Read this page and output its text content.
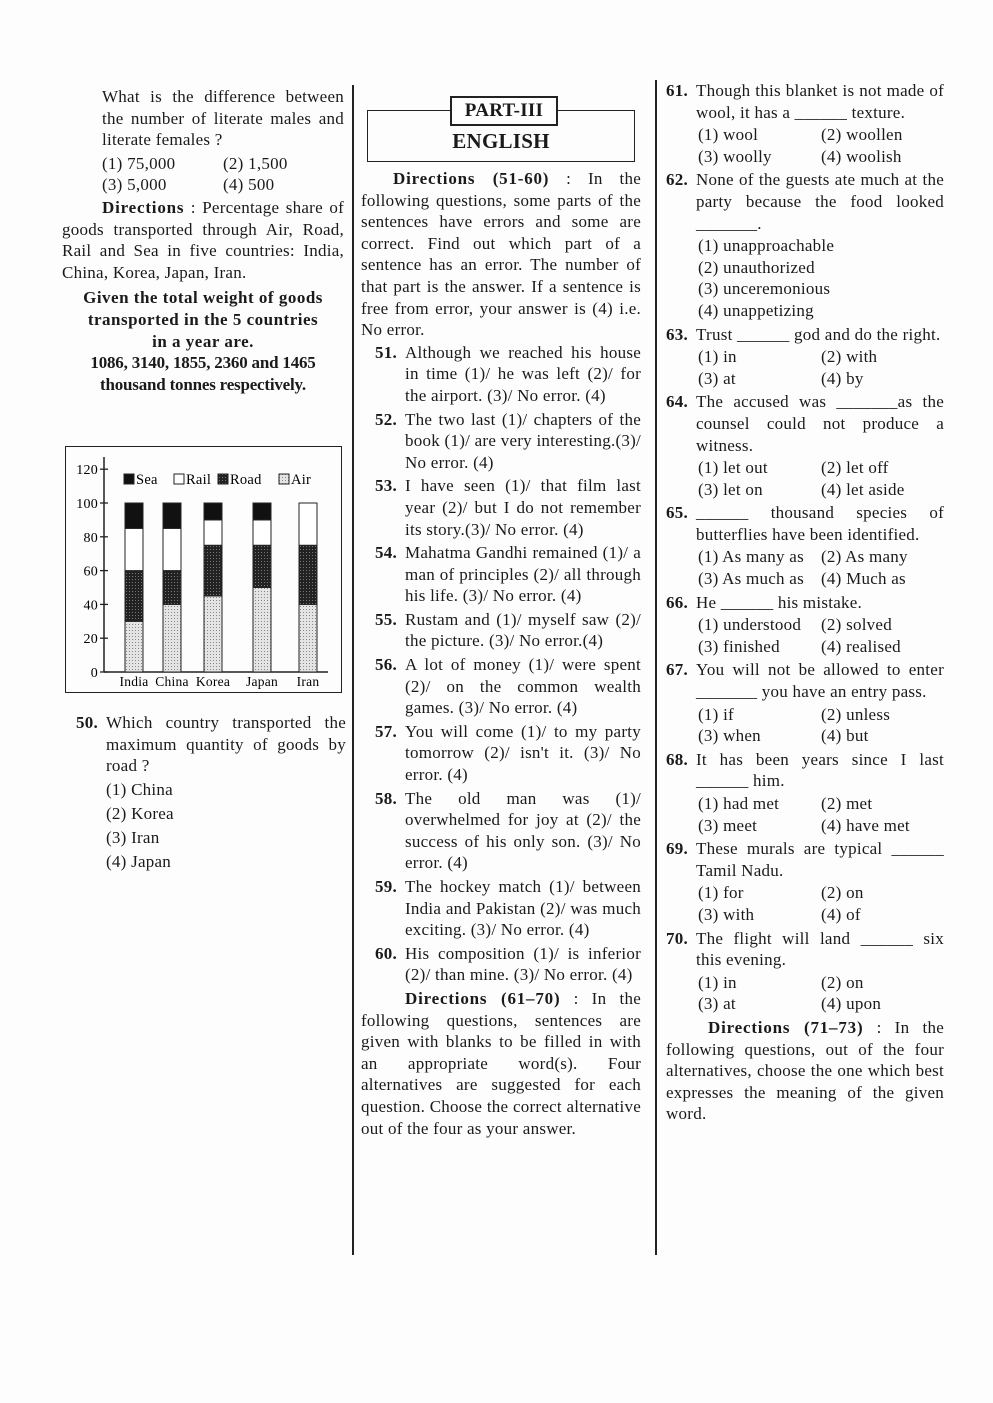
What is the difference between the number of literate males and literate females ?

(1) 75,000	(2) 1,500
(3) 5,000	(4) 500

Directions : Percentage share of goods transported through Air, Road, Rail and Sea in five countries: India, China, Korea, Japan, Iran.

Given the total weight of goods transported in the 5 countries in a year are.

1086, 3140, 1855, 2360 and 1465 thousand tonnes respectively.

0
20
40
60
80
100
120
India China Korea Japan Iran
Sea Rail Road Air
50. Which country transported the maximum quantity of goods by road ?

(1) China
(2) Korea
(3) Iran
(4) Japan
PART-III
ENGLISH

Directions (51-60) : In the following questions, some parts of the sentences have errors and some are correct. Find out which part of a sentence has an error. The number of that part is the answer. If a sentence is free from error, your answer is (4) i.e. No error.

51. Although we reached his house in time (1)/ he was left (2)/ for the airport. (3)/ No error. (4)

52. The two last (1)/ chapters of the book (1)/ are very interesting.(3)/ No error. (4)

53. I have seen (1)/ that film last year (2)/ but I do not remember its story.(3)/ No error. (4)

54. Mahatma Gandhi remained (1)/ a man of principles (2)/ all through his life. (3)/ No error. (4)

55. Rustam and (1)/ myself saw (2)/ the picture. (3)/ No error.(4)

56. A lot of money (1)/ were spent (2)/ on the common wealth games. (3)/ No error. (4)

57. You will come (1)/ to my party tomorrow (2)/ isn't it. (3)/ No error. (4)

58. The old man was (1)/ overwhelmed for joy at (2)/ the success of his only son. (3)/ No error. (4)

59. The hockey match (1)/ between India and Pakistan (2)/ was much exciting. (3)/ No error. (4)

60. His composition (1)/ is inferior (2)/ than mine. (3)/ No error. (4)

Directions (61–70) : In the following questions, sentences are given with blanks to be filled in with an appropriate word(s). Four alternatives are suggested for each question. Choose the correct alternative out of the four as your answer.

61. Though this blanket is not made of wool, it has a ______ texture.

(1) wool	(2) woollen
(3) woolly	(4) woolish
62. None of the guests ate much at the party because the food looked _______.

(1) unapproachable
(2) unauthorized
(3) unceremonious
(4) unappetizing
63. Trust ______ god and do the right.

(1) in	(2) with
(3) at	(4) by
64. The accused was _______as the counsel could not produce a witness.

(1) let out	(2) let off
(3) let on	(4) let aside
65. ______ thousand species of butterflies have been identified.

(1) As many as	(2) As many
(3) As much as	(4) Much as
66. He ______ his mistake.

(1) understood	(2) solved
(3) finished	(4) realised
67. You will not be allowed to enter _______ you have an entry pass.

(1) if	(2) unless
(3) when	(4) but
68. It has been years since I last ______ him.

(1) had met	(2) met
(3) meet	(4) have met
69. These murals are typical ______ Tamil Nadu.

(1) for	(2) on
(3) with	(4) of
70. The flight will land ______ six this evening.

(1) in	(2) on
(3) at	(4) upon

Directions (71–73) : In the following questions, out of the four alternatives, choose the one which best expresses the meaning of the given word.
